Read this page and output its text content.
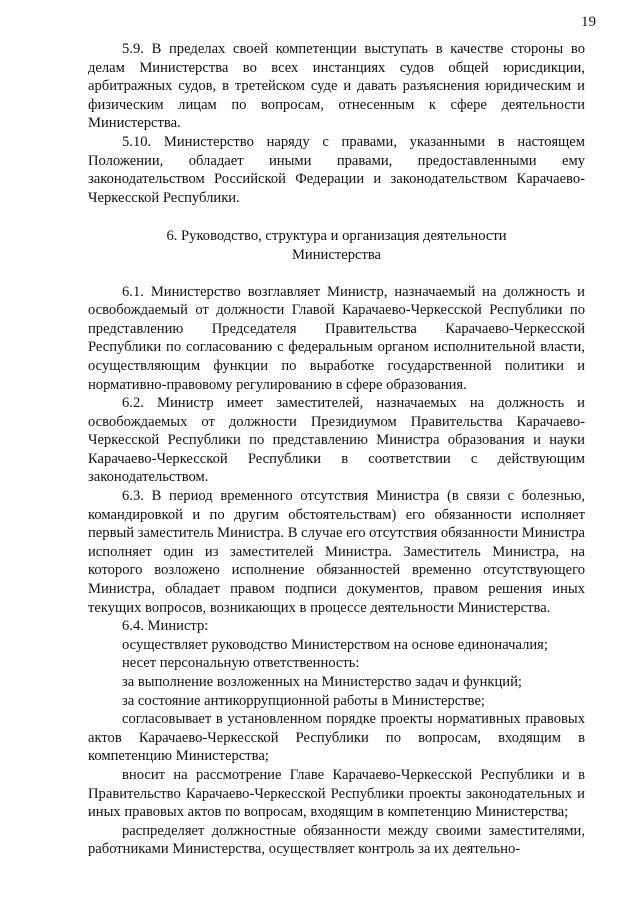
19

5.9. В пределах своей компетенции выступать в качестве стороны во делам Министерства во всех инстанциях судов общей юрисдикции, арбитражных судов, в третейском суде и давать разъяснения юридическим и физическим лицам по вопросам, отнесенным к сфере деятельности Министерства.

5.10. Министерство наряду с правами, указанными в настоящем Положении, обладает иными правами, предоставленными ему законодательством Российской Федерации и законодательством Карачаево-Черкесской Республики.

6. Руководство, структура и организация деятельности
Министерства

6.1. Министерство возглавляет Министр, назначаемый на должность и освобождаемый от должности Главой Карачаево-Черкесской Республики по представлению Председателя Правительства Карачаево-Черкесской Республики по согласованию с федеральным органом исполнительной власти, осуществляющим функции по выработке государственной политики и нормативно-правовому регулированию в сфере образования.

6.2. Министр имеет заместителей, назначаемых на должность и освобождаемых от должности Президиумом Правительства Карачаево-Черкесской Республики по представлению Министра образования и науки Карачаево-Черкесской Республики в соответствии с действующим законодательством.

6.3. В период временного отсутствия Министра (в связи с болезнью, командировкой и по другим обстоятельствам) его обязанности исполняет первый заместитель Министра. В случае его отсутствия обязанности Министра исполняет один из заместителей Министра. Заместитель Министра, на которого возложено исполнение обязанностей временно отсутствующего Министра, обладает правом подписи документов, правом решения иных текущих вопросов, возникающих в процессе деятельности Министерства.

6.4. Министр:

осуществляет руководство Министерством на основе единоначалия;

несет персональную ответственность:

за выполнение возложенных на Министерство задач и функций;

за состояние антикоррупционной работы в Министерстве;

согласовывает в установленном порядке проекты нормативных правовых актов Карачаево-Черкесской Республики по вопросам, входящим в компетенцию Министерства;

вносит на рассмотрение Главе Карачаево-Черкесской Республики и в Правительство Карачаево-Черкесской Республики проекты законодательных и иных правовых актов по вопросам, входящим в компетенцию Министерства;

распределяет должностные обязанности между своими заместителями, работниками Министерства, осуществляет контроль за их деятельно-
